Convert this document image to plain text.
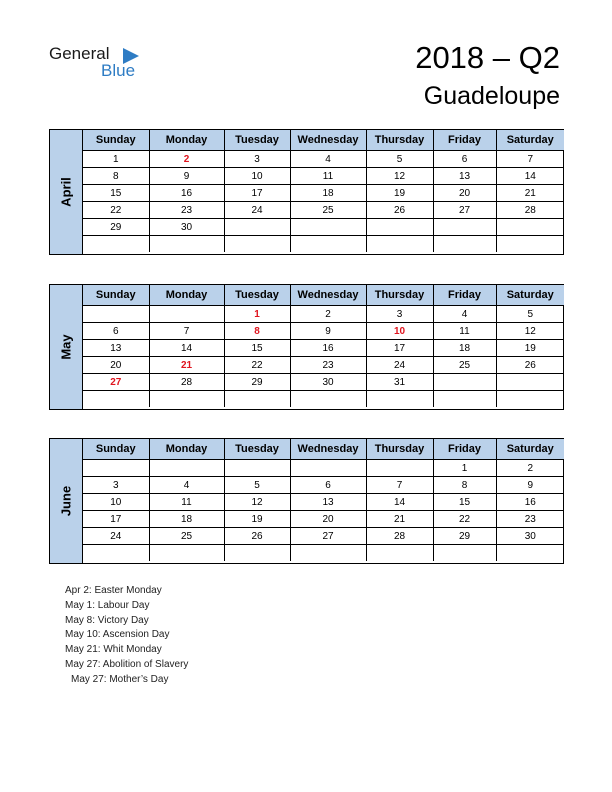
General
Blue	2018 – Q2
Guadeloupe
April
Sunday	Monday	Tuesday	Wednesday	Thursday	Friday	Saturday
1	2	3	4	5	6	7
8	9	10	11	12	13	14
15	16	17	18	19	20	21
22	23	24	25	26	27	28
29	30					

May
Sunday	Monday	Tuesday	Wednesday	Thursday	Friday	Saturday
		1	2	3	4	5
6	7	8	9	10	11	12
13	14	15	16	17	18	19
20	21	22	23	24	25	26
27	28	29	30	31		

June
Sunday	Monday	Tuesday	Wednesday	Thursday	Friday	Saturday
					1	2
3	4	5	6	7	8	9
10	11	12	13	14	15	16
17	18	19	20	21	22	23
24	25	26	27	28	29	30

Apr 2: Easter Monday
May 1: Labour Day
May 8: Victory Day
May 10: Ascension Day
May 21: Whit Monday
May 27: Abolition of Slavery
May 27: Mother’s Day
